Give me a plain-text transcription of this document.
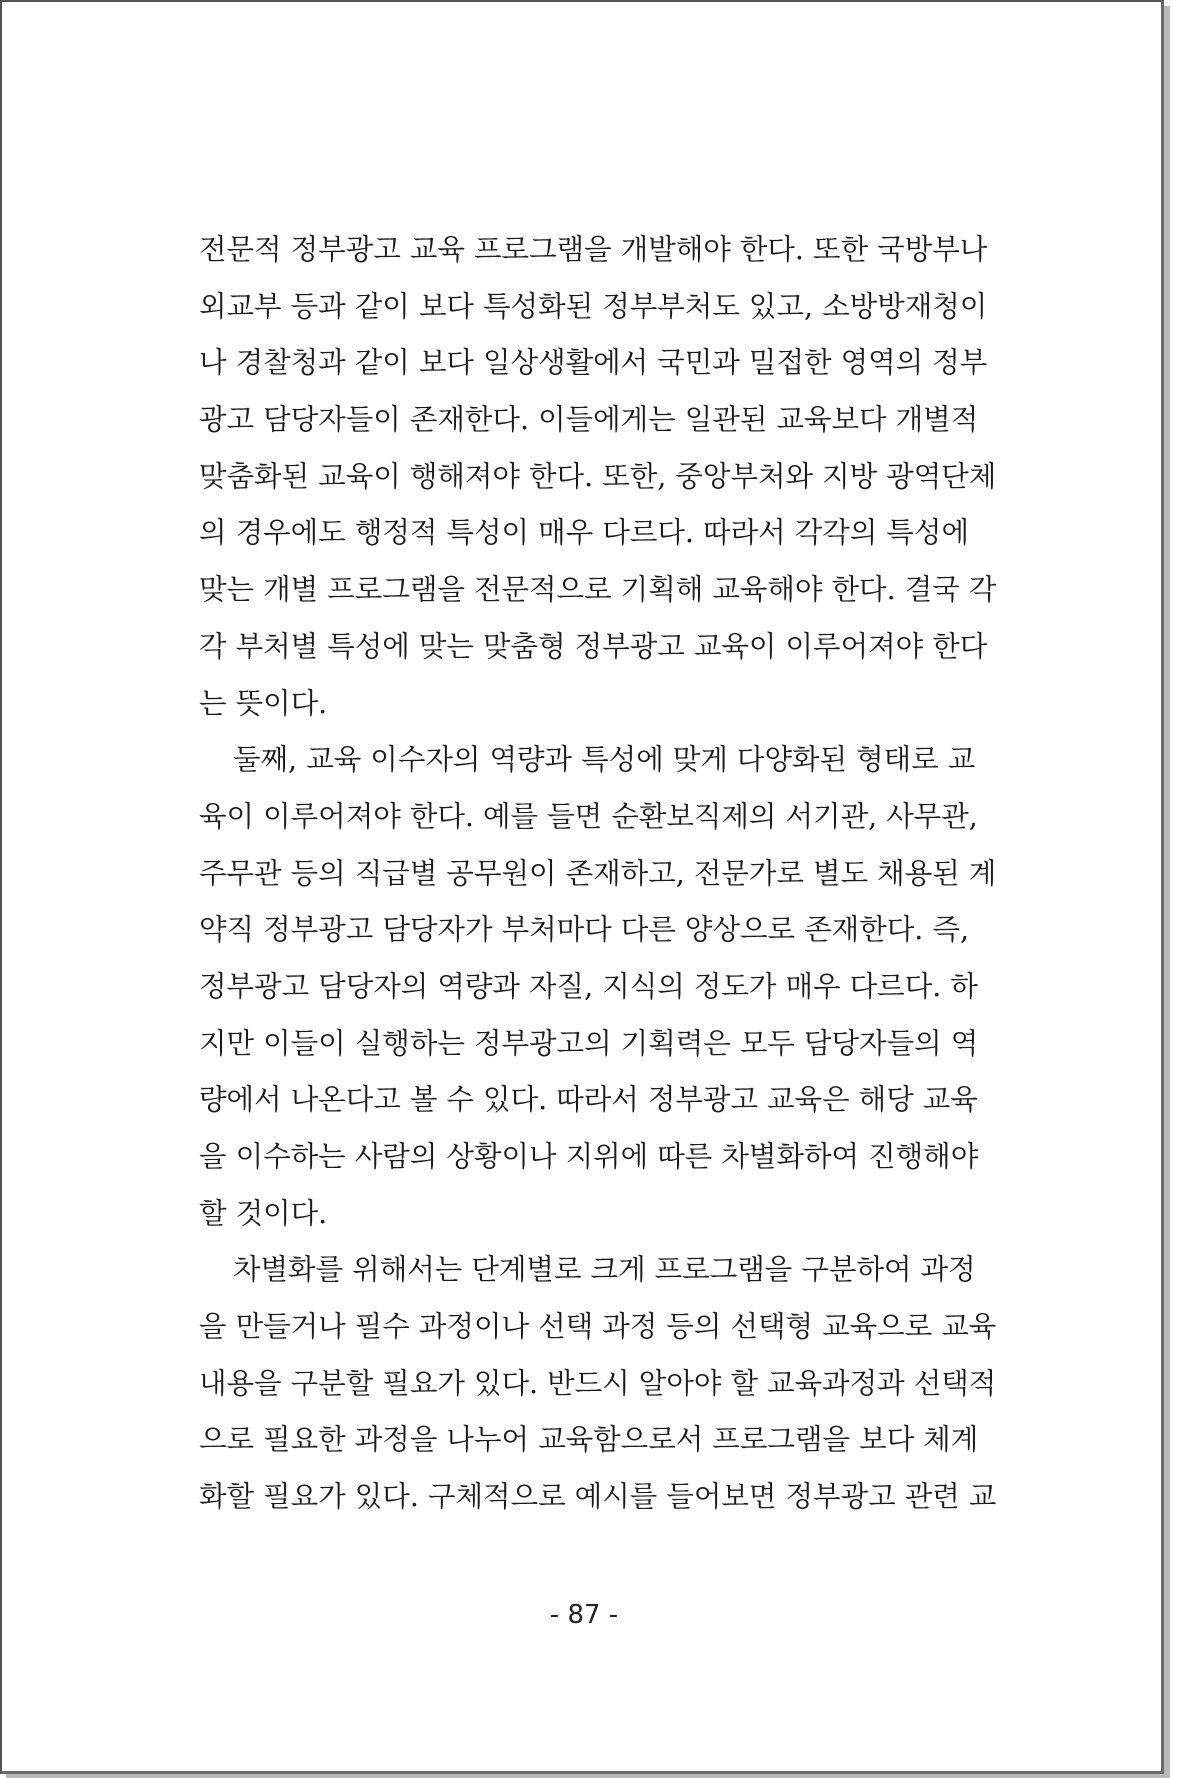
전문적 정부광고 교육 프로그램을 개발해야 한다. 또한 국방부나
외교부 등과 같이 보다 특성화된 정부부처도 있고, 소방방재청이
나 경찰청과 같이 보다 일상생활에서 국민과 밀접한 영역의 정부
광고 담당자들이 존재한다. 이들에게는 일관된 교육보다 개별적
맞춤화된 교육이 행해져야 한다. 또한, 중앙부처와 지방 광역단체
의 경우에도 행정적 특성이 매우 다르다. 따라서 각각의 특성에
맞는 개별 프로그램을 전문적으로 기획해 교육해야 한다. 결국 각
각 부처별 특성에 맞는 맞춤형 정부광고 교육이 이루어져야 한다
는 뜻이다.
둘째, 교육 이수자의 역량과 특성에 맞게 다양화된 형태로 교
육이 이루어져야 한다. 예를 들면 순환보직제의 서기관, 사무관,
주무관 등의 직급별 공무원이 존재하고, 전문가로 별도 채용된 계
약직 정부광고 담당자가 부처마다 다른 양상으로 존재한다. 즉,
정부광고 담당자의 역량과 자질, 지식의 정도가 매우 다르다. 하
지만 이들이 실행하는 정부광고의 기획력은 모두 담당자들의 역
량에서 나온다고 볼 수 있다. 따라서 정부광고 교육은 해당 교육
을 이수하는 사람의 상황이나 지위에 따른 차별화하여 진행해야
할 것이다.
차별화를 위해서는 단계별로 크게 프로그램을 구분하여 과정
을 만들거나 필수 과정이나 선택 과정 등의 선택형 교육으로 교육
내용을 구분할 필요가 있다. 반드시 알아야 할 교육과정과 선택적
으로 필요한 과정을 나누어 교육함으로서 프로그램을 보다 체계
화할 필요가 있다. 구체적으로 예시를 들어보면 정부광고 관련 교
- 87 -
